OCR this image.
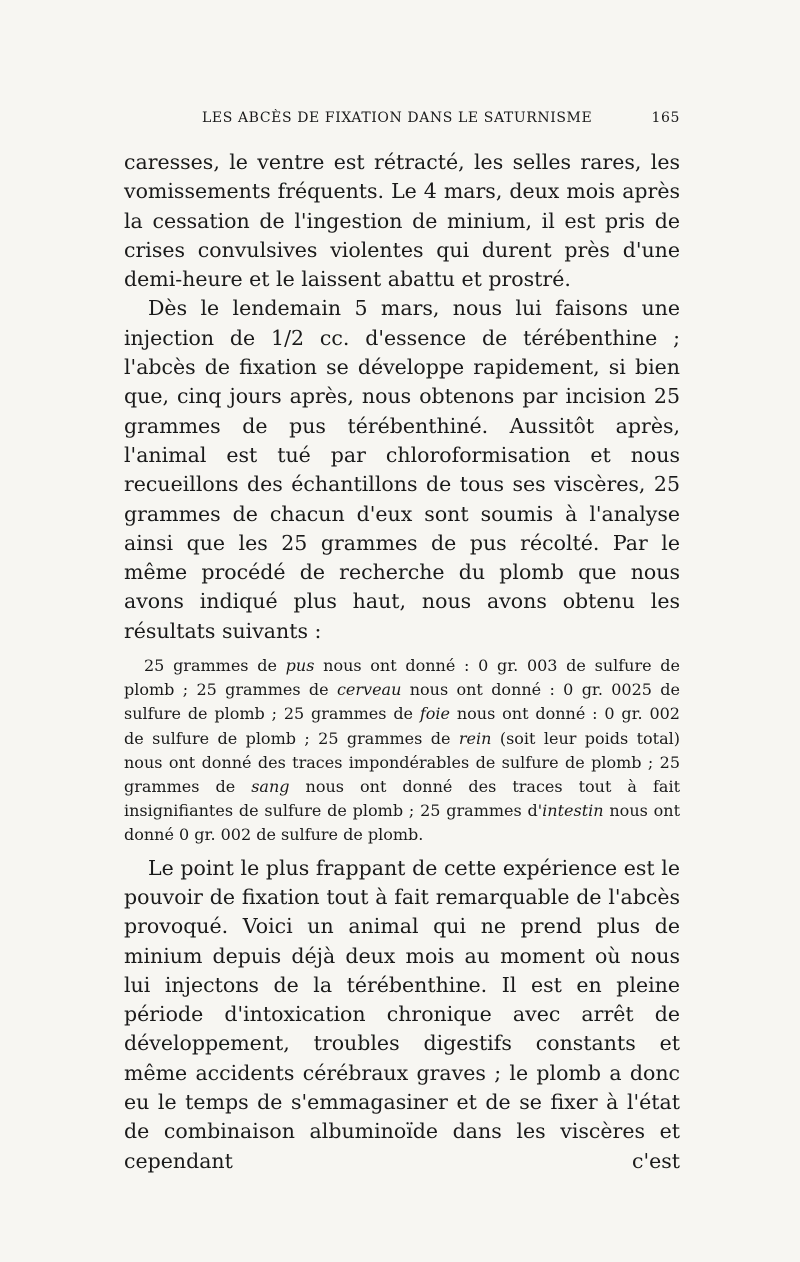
LES ABCÈS DE FIXATION DANS LE SATURNISME	165

caresses, le ventre est rétracté, les selles rares, les vomissements fréquents. Le 4 mars, deux mois après la cessation de l'ingestion de minium, il est pris de crises convulsives violentes qui durent près d'une demi-heure et le laissent abattu et prostré.

Dès le lendemain 5 mars, nous lui faisons une injection de 1/2 cc. d'essence de térébenthine ; l'abcès de fixation se développe rapidement, si bien que, cinq jours après, nous obtenons par incision 25 grammes de pus térébenthiné. Aussitôt après, l'animal est tué par chloroformisation et nous recueillons des échantillons de tous ses viscères, 25 grammes de chacun d'eux sont soumis à l'analyse ainsi que les 25 grammes de pus récolté. Par le même procédé de recherche du plomb que nous avons indiqué plus haut, nous avons obtenu les résultats suivants :

25 grammes de pus nous ont donné : 0 gr. 003 de sulfure de plomb ; 25 grammes de cerveau nous ont donné : 0 gr. 0025 de sulfure de plomb ; 25 grammes de foie nous ont donné : 0 gr. 002 de sulfure de plomb ; 25 grammes de rein (soit leur poids total) nous ont donné des traces impondérables de sulfure de plomb ; 25 grammes de sang nous ont donné des traces tout à fait insignifiantes de sulfure de plomb ; 25 grammes d'intestin nous ont donné 0 gr. 002 de sulfure de plomb.

Le point le plus frappant de cette expérience est le pouvoir de fixation tout à fait remarquable de l'abcès provoqué. Voici un animal qui ne prend plus de minium depuis déjà deux mois au moment où nous lui injectons de la térébenthine. Il est en pleine période d'intoxication chronique avec arrêt de développement, troubles digestifs constants et même accidents cérébraux graves ; le plomb a donc eu le temps de s'emmagasiner et de se fixer à l'état de combinaison albuminoïde dans les viscères et cependant c'est
